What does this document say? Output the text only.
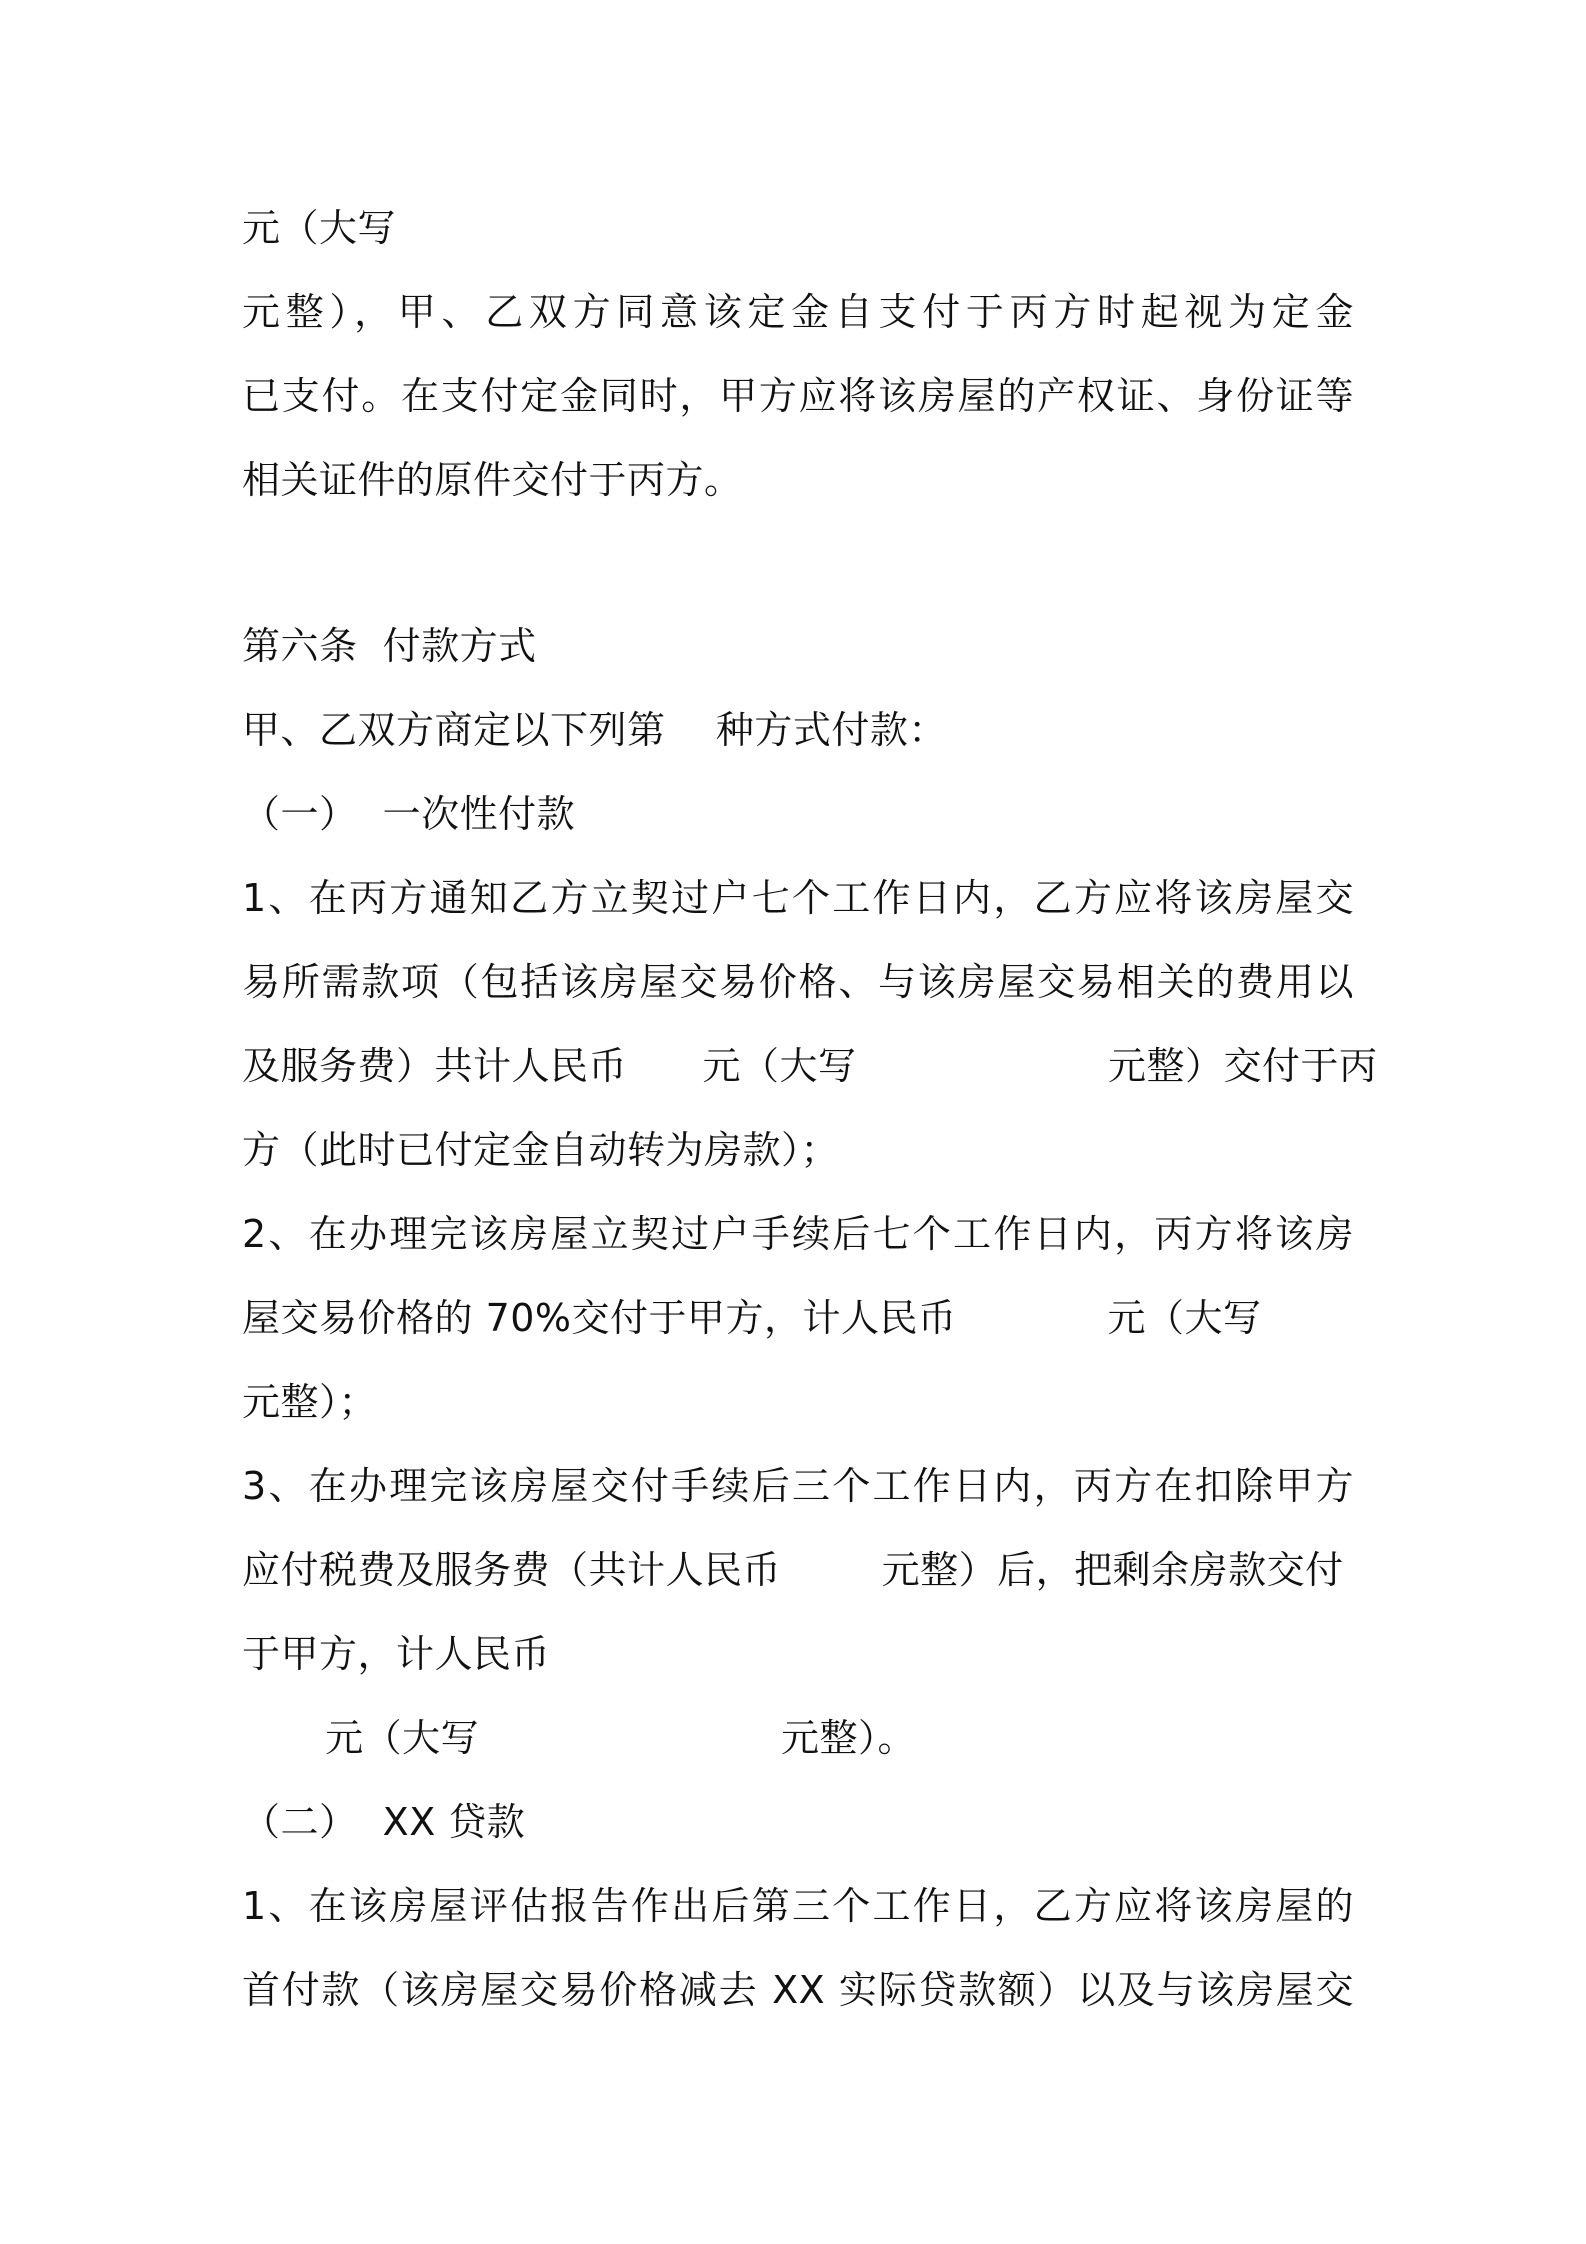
元（大写
元整），甲、乙双方同意该定金自支付于丙方时起视为定金
已支付。在支付定金同时，甲方应将该房屋的产权证、身份证等
相关证件的原件交付于丙方。
第六条  付款方式
甲、乙双方商定以下列第    种方式付款：
（一）  一次性付款
1、在丙方通知乙方立契过户七个工作日内，乙方应将该房屋交
易所需款项（包括该房屋交易价格、与该房屋交易相关的费用以
及服务费）共计人民币      元（大写                    元整）交付于丙
方（此时已付定金自动转为房款）；
2、在办理完该房屋立契过户手续后七个工作日内，丙方将该房
屋交易价格的 70%交付于甲方，计人民币            元（大写
元整）；
3、在办理完该房屋交付手续后三个工作日内，丙方在扣除甲方
应付税费及服务费（共计人民币        元整）后，把剩余房款交付
于甲方，计人民币
元（大写                        元整）。
（二）  XX 贷款
1、在该房屋评估报告作出后第三个工作日，乙方应将该房屋的
首付款（该房屋交易价格减去 XX 实际贷款额）以及与该房屋交
